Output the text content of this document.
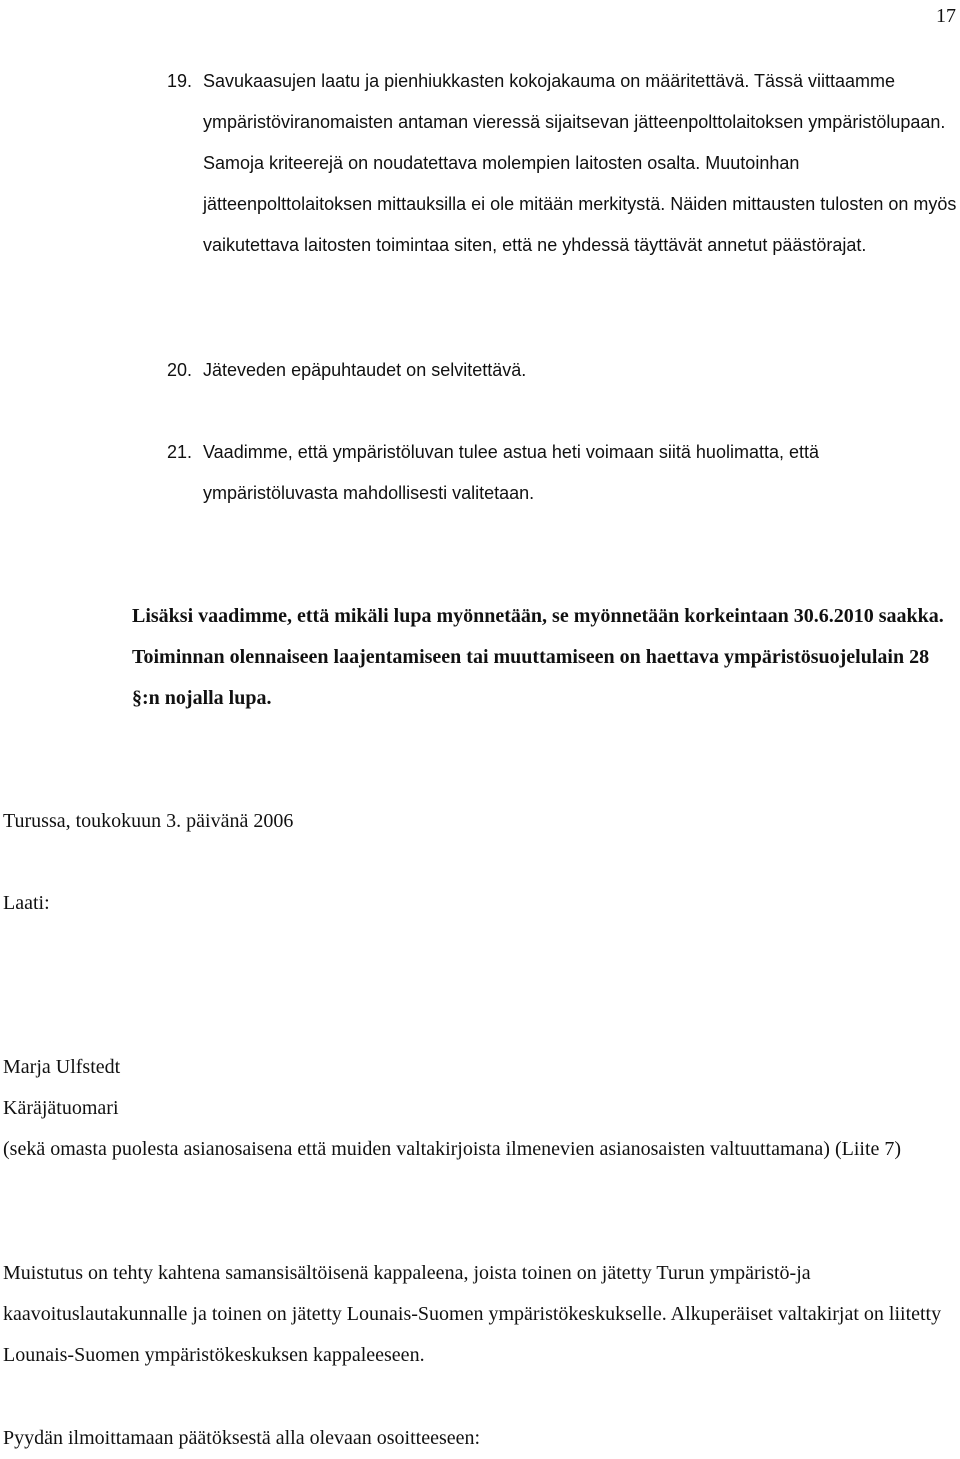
17
19. Savukaasujen laatu ja pienhiukkasten kokojakauma on määritettävä. Tässä viittaamme ympäristöviranomaisten antaman vieressä sijaitsevan jätteenpolttolaitoksen ympäristölupaan. Samoja kriteerejä on noudatettava molempien laitosten osalta. Muutoinhan jätteenpolttolaitoksen mittauksilla ei ole mitään merkitystä. Näiden mittausten tulosten on myös vaikutettava laitosten toimintaa siten, että ne yhdessä täyttävät annetut päästörajat.
20. Jäteveden epäpuhtaudet on selvitettävä.
21. Vaadimme, että ympäristöluvan tulee astua heti voimaan siitä huolimatta, että ympäristöluvasta mahdollisesti valitetaan.

Lisäksi vaadimme, että mikäli lupa myönnetään, se myönnetään korkeintaan 30.6.2010 saakka. Toiminnan olennaiseen laajentamiseen tai muuttamiseen on haettava ympäristösuojelulain 28 §:n nojalla lupa.

Turussa, toukokuun 3. päivänä 2006

Laati:

Marja Ulfstedt

Käräjätuomari

(sekä omasta puolesta asianosaisena että muiden valtakirjoista ilmenevien asianosaisten valtuuttamana) (Liite 7)

Muistutus on tehty kahtena samansisältöisenä kappaleena, joista toinen on jätetty Turun ympäristö-ja kaavoituslautakunnalle ja toinen on jätetty Lounais-Suomen ympäristökeskukselle. Alkuperäiset valtakirjat on liitetty Lounais-Suomen ympäristökeskuksen kappaleeseen.

Pyydän ilmoittamaan päätöksestä alla olevaan osoitteeseen:
